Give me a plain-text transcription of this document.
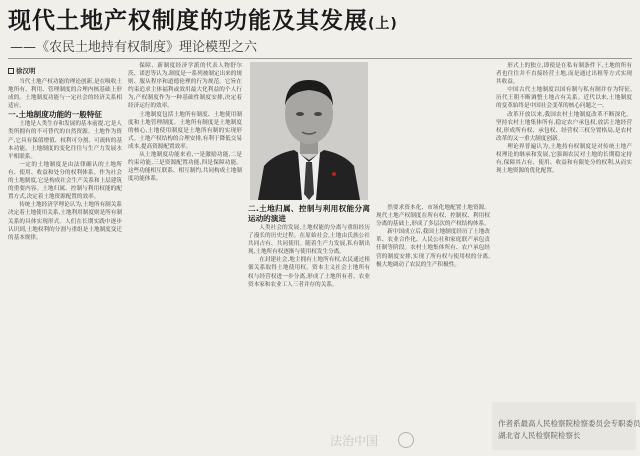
现代土地产权制度的功能及其发展(上)
——《农民土地持有权制度》理论模型之六
徐汉明

当代土地产权功能的理论创新,是在吸收土地所有、利用、管理制度的合理内核基础上形成的。土地制度功能与一定社会的经济关系相适应。

一.土地制度功能的一般特征

土地是人类生存和发展的基本前提,它是人类所拥有的不可替代的自然资源。土地作为资产,它具有保值增值、权利可分割、可流转的基本功能。土地制度的变化往往与生产力发展水平相联系。

一定的土地制度是由法律确认的土地所有、使用、收益和处分的权利体系。作为社会的土地制度,它是构成社会生产关系和上层建筑的重要内容。土地归属、控制与利用权能的配置方式,决定着土地资源配置的效率。

传统土地经济学理论认为,土地所有制关系决定着土地使用关系,土地利用制度则是所有制关系的具体实现形式。人们在长期实践中逐步认识到,土地权利的分割与重组是土地制度变迁的基本规律。

保障、新制度经济学派的代表人物舒尔茨、诺思等认为,制度是一系列被制定出来的规则、服从程序和道德伦理的行为规范。它旨在约束追求主体福利或效用最大化利益的个人行为,产权制度作为一种基础性制度安排,决定着经济运行的效率。

土地制度包括土地所有制度、土地使用制度和土地管理制度。土地所有制度是土地制度的核心,土地使用制度是土地所有制的实现形式。土地产权结构的合理安排,有利于降低交易成本,提高资源配置效率。

从土地制度功能来看,一是激励功能,二是约束功能,三是资源配置功能,四是保障功能。这些功能相互联系、相互制约,共同构成土地制度功能体系。

二.土地归属、控制与利用权能分离运动的演进

人类社会的发展,土地权能的分离与重组经历了漫长的历史过程。在原始社会,土地由氏族公社共同占有、共同使用。随着生产力发展,私有制出现,土地所有权逐渐与使用权发生分离。

在封建社会,地主拥有土地所有权,农民通过租佃关系取得土地使用权。资本主义社会土地所有权与经营权进一步分离,形成了土地所有者、农业资本家和农业工人三者并存的关系。

然要求资本化、市场化地配置土地资源。现代土地产权制度在所有权、控制权、利用权分离的基础上,形成了多层次的产权结构体系。

新中国成立后,我国土地制度经历了土地改革、农业合作化、人民公社和家庭联产承包责任制等阶段。农村土地集体所有、农户承包经营的制度安排,实现了所有权与使用权的分离,极大地调动了农民的生产积极性。

形式上的独立,即使是在私有制条件下,土地的所有者也往往并不直接经营土地,而是通过出租等方式实现其收益。

中国古代土地制度以国有制与私有制并存为特征,历代王朝不断调整土地占有关系。近代以来,土地制度的变革始终是中国社会变革的核心问题之一。

改革开放以来,我国农村土地制度改革不断深化。坚持农村土地集体所有,稳定农户承包权,放活土地经营权,形成所有权、承包权、经营权三权分置格局,是农村改革的又一重大制度创新。

理论界普遍认为,土地持有权制度是对传统土地产权理论的继承和发展,它强调农民对土地的长期稳定持有,保障其占有、使用、收益和有限处分的权利,从而实现土地资源的优化配置。

法治中国
作者系最高人民检察院检察委员会专职委员
湖北省人民检察院检察长
